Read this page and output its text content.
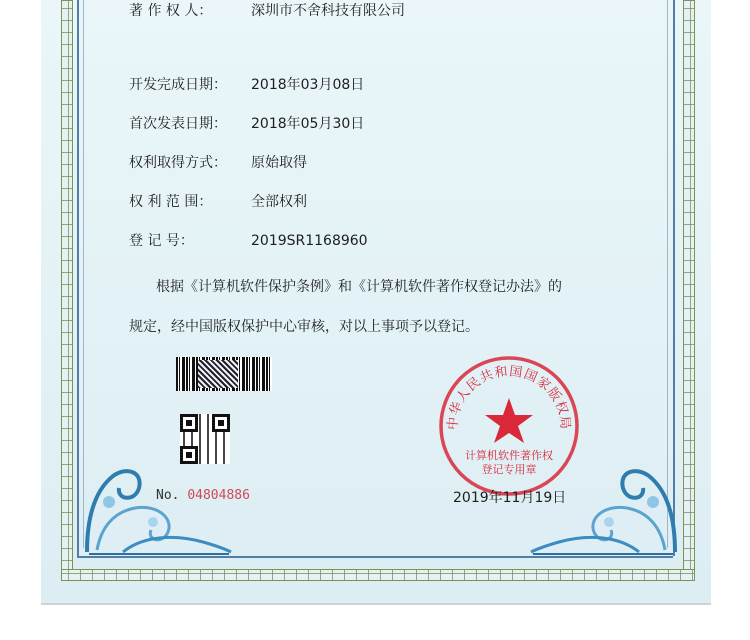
著 作 权 人：	深圳市不舍科技有限公司
开发完成日期： 2018年03月08日
首次发表日期： 2018年05月30日
权利取得方式： 原始取得
权 利 范 围：	全部权利
登 记 号：	2019SR1168960
根据《计算机软件保护条例》和《计算机软件著作权登记办法》的
规定，经中国版权保护中心审核，对以上事项予以登记。
No. 04804886
中华人民共和国国家版权局
计算机软件著作权
登记专用章
2019年11月19日
